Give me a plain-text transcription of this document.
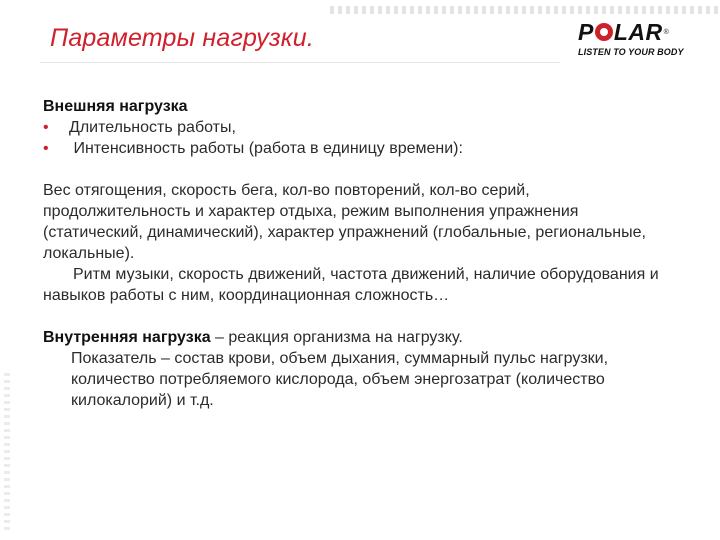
Параметры нагрузки.	P LAR ®
LISTEN TO YOUR BODY
Внешняя нагрузка
•	Длительность работы,
•	Интенсивность работы (работа в единицу времени):
Вес отягощения, скорость бега, кол-во повторений, кол-во серий, продолжительность и характер отдыха, режим выполнения упражнения (статический, динамический), характер упражнений (глобальные, региональные, локальные).
Ритм музыки, скорость движений, частота движений, наличие оборудования и навыков работы с ним, координационная сложность…
Внутренняя нагрузка – реакция организма на нагрузку.
Показатель – состав крови, объем дыхания, суммарный пульс нагрузки, количество потребляемого кислорода, объем энергозатрат (количество килокалорий) и т.д.
